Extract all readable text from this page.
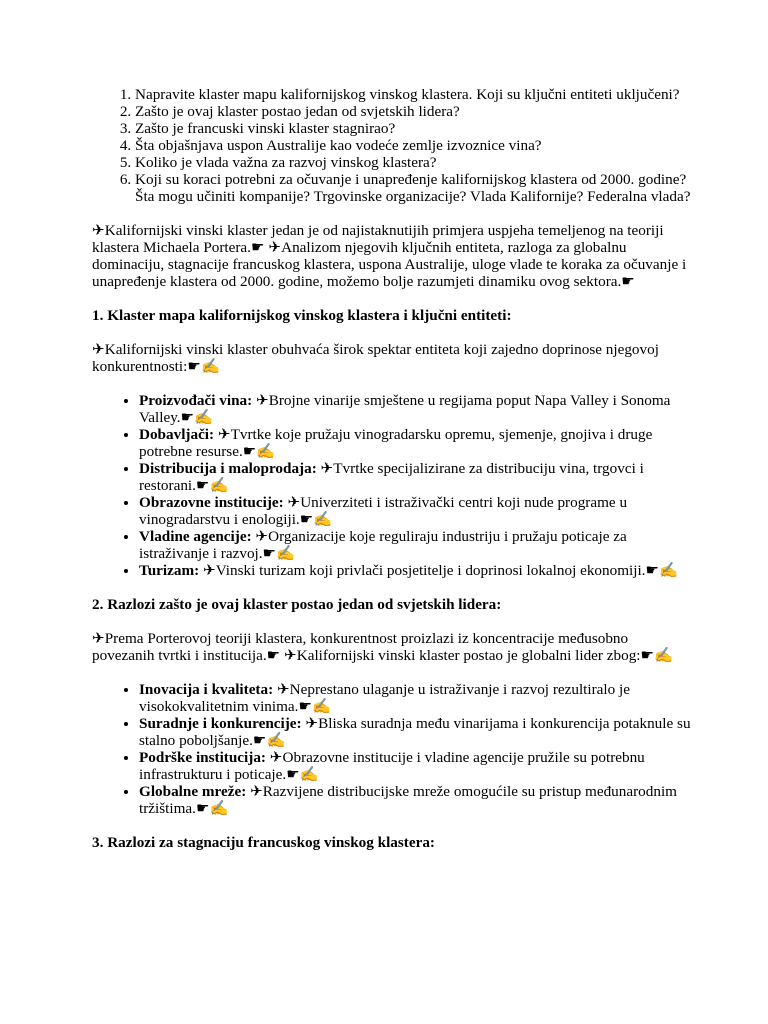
1. Napravite klaster mapu kalifornijskog vinskog klastera. Koji su ključni entiteti uključeni?
2. Zašto je ovaj klaster postao jedan od svjetskih lidera?
3. Zašto je francuski vinski klaster stagnirao?
4. Šta objašnjava uspon Australije kao vodeće zemlje izvoznice vina?
5. Koliko je vlada važna za razvoj vinskog klastera?
6. Koji su koraci potrebni za očuvanje i unapređenje kalifornijskog klastera od 2000. godine? Šta mogu učiniti kompanije? Trgovinske organizacije? Vlada Kalifornije? Federalna vlada?

✈Kalifornijski vinski klaster jedan je od najistaknutijih primjera uspjeha temeljenog na teoriji klastera Michaela Portera.☛ ✈Analizom njegovih ključnih entiteta, razloga za globalnu dominaciju, stagnacije francuskog klastera, uspona Australije, uloge vlade te koraka za očuvanje i unapređenje klastera od 2000. godine, možemo bolje razumjeti dinamiku ovog sektora.☛

1. Klaster mapa kalifornijskog vinskog klastera i ključni entiteti:

✈Kalifornijski vinski klaster obuhvaća širok spektar entiteta koji zajedno doprinose njegovoj konkurentnosti:☛✍

• Proizvođači vina: ✈Brojne vinarije smještene u regijama poput Napa Valley i Sonoma Valley.☛✍
• Dobavljači: ✈Tvrtke koje pružaju vinogradarsku opremu, sjemenje, gnojiva i druge potrebne resurse.☛✍
• Distribucija i maloprodaja: ✈Tvrtke specijalizirane za distribuciju vina, trgovci i restorani.☛✍
• Obrazovne institucije: ✈Univerziteti i istraživački centri koji nude programe u vinogradarstvu i enologiji.☛✍
• Vladine agencije: ✈Organizacije koje reguliraju industriju i pružaju poticaje za istraživanje i razvoj.☛✍
• Turizam: ✈Vinski turizam koji privlači posjetitelje i doprinosi lokalnoj ekonomiji.☛✍
2. Razlozi zašto je ovaj klaster postao jedan od svjetskih lidera:

✈Prema Porterovoj teoriji klastera, konkurentnost proizlazi iz koncentracije međusobno povezanih tvrtki i institucija.☛ ✈Kalifornijski vinski klaster postao je globalni lider zbog:☛✍

• Inovacija i kvaliteta: ✈Neprestano ulaganje u istraživanje i razvoj rezultiralo je visokokvalitetnim vinima.☛✍
• Suradnje i konkurencije: ✈Bliska suradnja među vinarijama i konkurencija potaknule su stalno poboljšanje.☛✍
• Podrške institucija: ✈Obrazovne institucije i vladine agencije pružile su potrebnu infrastrukturu i poticaje.☛✍
• Globalne mreže: ✈Razvijene distribucijske mreže omogućile su pristup međunarodnim tržištima.☛✍
3. Razlozi za stagnaciju francuskog vinskog klastera:
